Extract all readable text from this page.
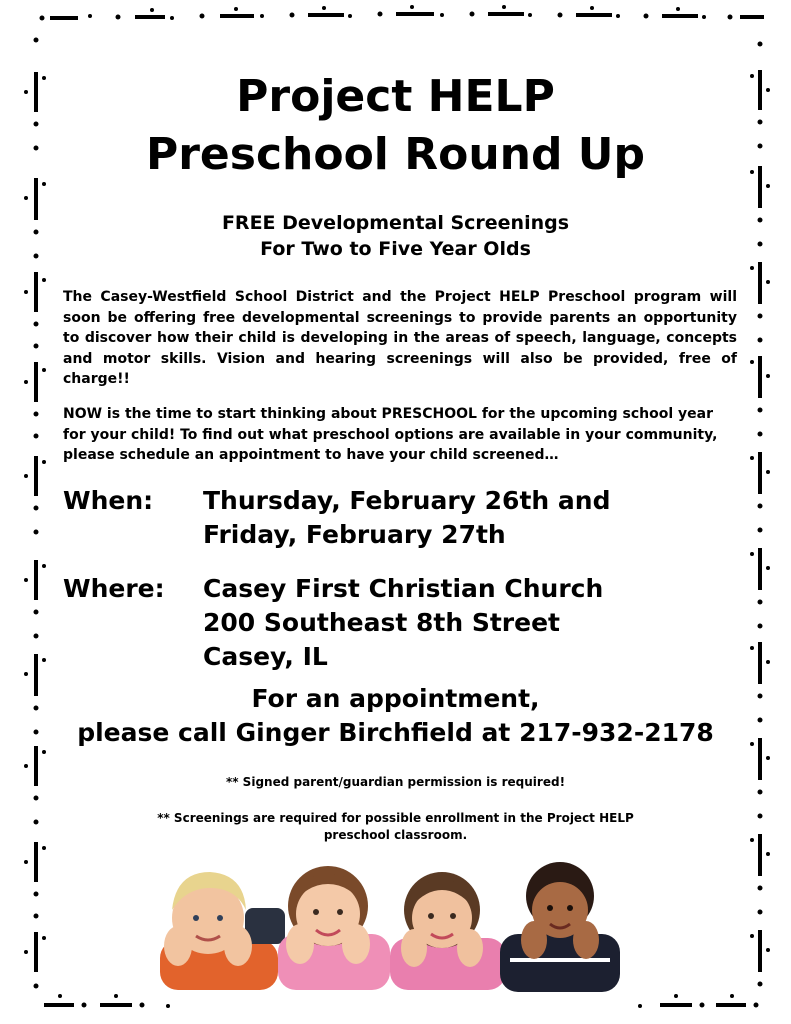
Project HELP
Preschool Round Up
FREE Developmental Screenings
For Two to Five Year Olds
The Casey-Westfield School District and the Project HELP Preschool program will soon be offering free developmental screenings to provide parents an opportunity to discover how their child is developing in the areas of speech, language, concepts and motor skills. Vision and hearing screenings will also be provided, free of charge!!
NOW is the time to start thinking about PRESCHOOL for the upcoming school year for your child! To find out what preschool options are available in your community, please schedule an appointment to have your child screened…
When: Thursday, February 26th and
Friday, February 27th
Where: Casey First Christian Church
200 Southeast 8th Street
Casey, IL
For an appointment,
please call Ginger Birchfield at 217-932-2178
** Signed parent/guardian permission is required!
** Screenings are required for possible enrollment in the Project HELP
preschool classroom.
